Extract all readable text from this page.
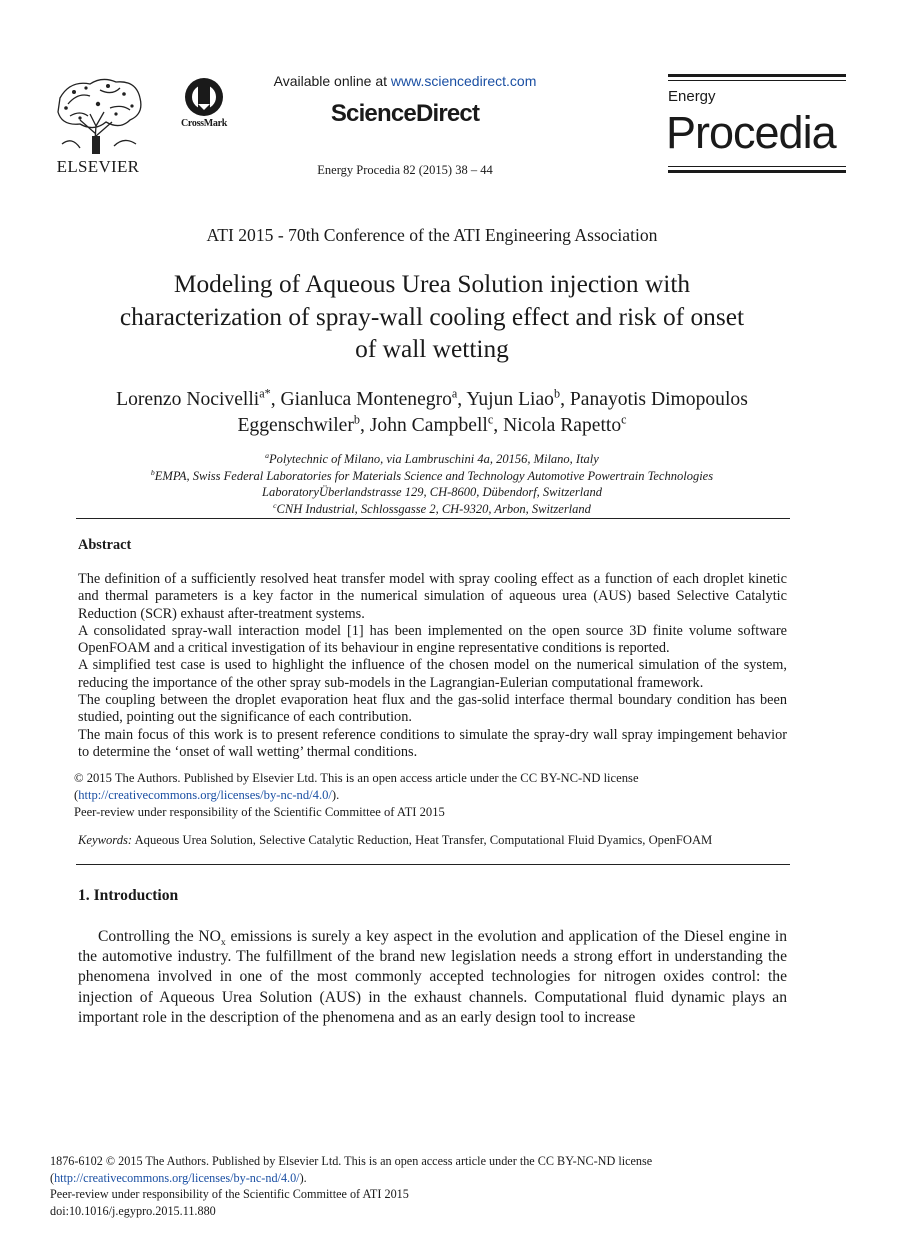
ELSEVIER
CrossMark
Available online at www.sciencedirect.com
ScienceDirect
Energy Procedia 82 (2015) 38 – 44
Energy
Procedia
ATI 2015 - 70th Conference of the ATI Engineering Association
Modeling of Aqueous Urea Solution injection with
characterization of spray-wall cooling effect and risk of onset
of wall wetting
Lorenzo Nocivelli$^{a*}$, Gianluca Montenegro$^a$, Yujun Liao$^b$, Panayotis Dimopoulos
Eggenschwiler$^b$, John Campbell$^c$, Nicola Rapetto$^c$
$^a$Polytechnic of Milano, via Lambruschini 4a, 20156, Milano, Italy
$^b$EMPA, Swiss Federal Laboratories for Materials Science and Technology Automotive Powertrain Technologies
LaboratoryÜberlandstrasse 129, CH-8600, Dübendorf, Switzerland
$^c$CNH Industrial, Schlossgasse 2, CH-9320, Arbon, Switzerland
Abstract
The definition of a sufficiently resolved heat transfer model with spray cooling effect as a function of each droplet kinetic and thermal parameters is a key factor in the numerical simulation of aqueous urea (AUS) based Selective Catalytic Reduction (SCR) exhaust after-treatment systems.
A consolidated spray-wall interaction model [1] has been implemented on the open source 3D finite volume software OpenFOAM and a critical investigation of its behaviour in engine representative conditions is reported.
A simplified test case is used to highlight the influence of the chosen model on the numerical simulation of the system, reducing the importance of the other spray sub-models in the Lagrangian-Eulerian computational framework.
The coupling between the droplet evaporation heat flux and the gas-solid interface thermal boundary condition has been studied, pointing out the significance of each contribution.
The main focus of this work is to present reference conditions to simulate the spray-dry wall spray impingement behavior to determine the ‘onset of wall wetting’ thermal conditions.
© 2015 The Authors. Published by Elsevier Ltd. This is an open access article under the CC BY-NC-ND license
(http://creativecommons.org/licenses/by-nc-nd/4.0/).
Peer-review under responsibility of the Scientific Committee of ATI 2015
Keywords: Aqueous Urea Solution, Selective Catalytic Reduction, Heat Transfer, Computational Fluid Dyamics, OpenFOAM
1. Introduction
Controlling the $NO_x$ emissions is surely a key aspect in the evolution and application of the Diesel engine in the automotive industry. The fulfillment of the brand new legislation needs a strong effort in understanding the phenomena involved in one of the most commonly accepted technologies for nitrogen oxides control: the injection of Aqueous Urea Solution (AUS) in the exhaust channels. Computational fluid dynamic plays an important role in the description of the phenomena and as an early design tool to increase
1876-6102 © 2015 The Authors. Published by Elsevier Ltd. This is an open access article under the CC BY-NC-ND license
(http://creativecommons.org/licenses/by-nc-nd/4.0/).
Peer-review under responsibility of the Scientific Committee of ATI 2015
doi:10.1016/j.egypro.2015.11.880
